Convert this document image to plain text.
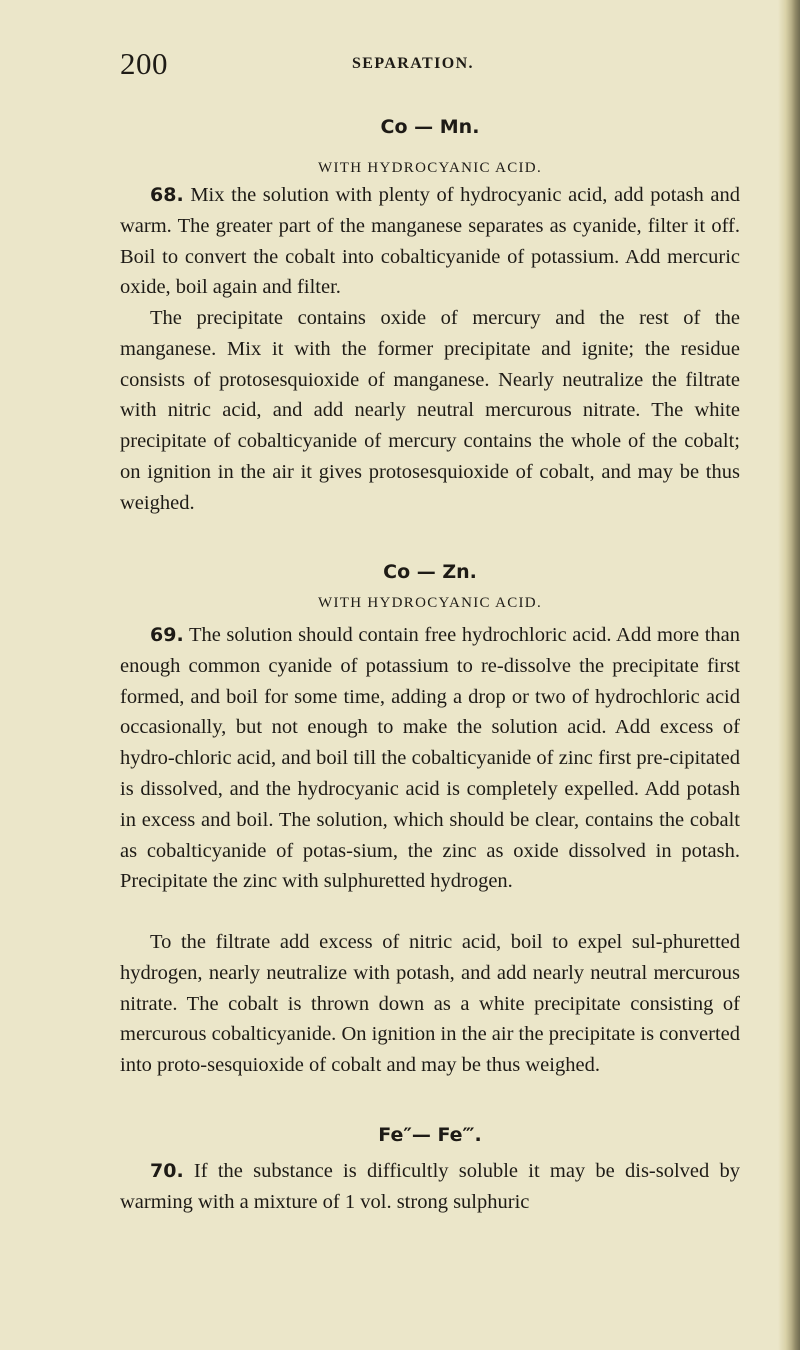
200	SEPARATION.
Co — Mn.
WITH HYDROCYANIC ACID.

68. Mix the solution with plenty of hydrocyanic acid, add potash and warm. The greater part of the manganese separates as cyanide, filter it off. Boil to convert the cobalt into cobalticyanide of potassium. Add mercuric oxide, boil again and filter.

The precipitate contains oxide of mercury and the rest of the manganese. Mix it with the former precipitate and ignite; the residue consists of protosesquioxide of manganese. Nearly neutralize the filtrate with nitric acid, and add nearly neutral mercurous nitrate. The white precipitate of cobalticyanide of mercury contains the whole of the cobalt; on ignition in the air it gives protosesquioxide of cobalt, and may be thus weighed.

Co — Zn.
WITH HYDROCYANIC ACID.

69. The solution should contain free hydrochloric acid. Add more than enough common cyanide of potassium to re-dissolve the precipitate first formed, and boil for some time, adding a drop or two of hydrochloric acid occasionally, but not enough to make the solution acid. Add excess of hydro-chloric acid, and boil till the cobalticyanide of zinc first pre-cipitated is dissolved, and the hydrocyanic acid is completely expelled. Add potash in excess and boil. The solution, which should be clear, contains the cobalt as cobalticyanide of potas-sium, the zinc as oxide dissolved in potash. Precipitate the zinc with sulphuretted hydrogen.

To the filtrate add excess of nitric acid, boil to expel sul-phuretted hydrogen, nearly neutralize with potash, and add nearly neutral mercurous nitrate. The cobalt is thrown down as a white precipitate consisting of mercurous cobalticyanide. On ignition in the air the precipitate is converted into proto-sesquioxide of cobalt and may be thus weighed.

Fe″— Fe‴.

70. If the substance is difficultly soluble it may be dis-solved by warming with a mixture of 1 vol. strong sulphuric
